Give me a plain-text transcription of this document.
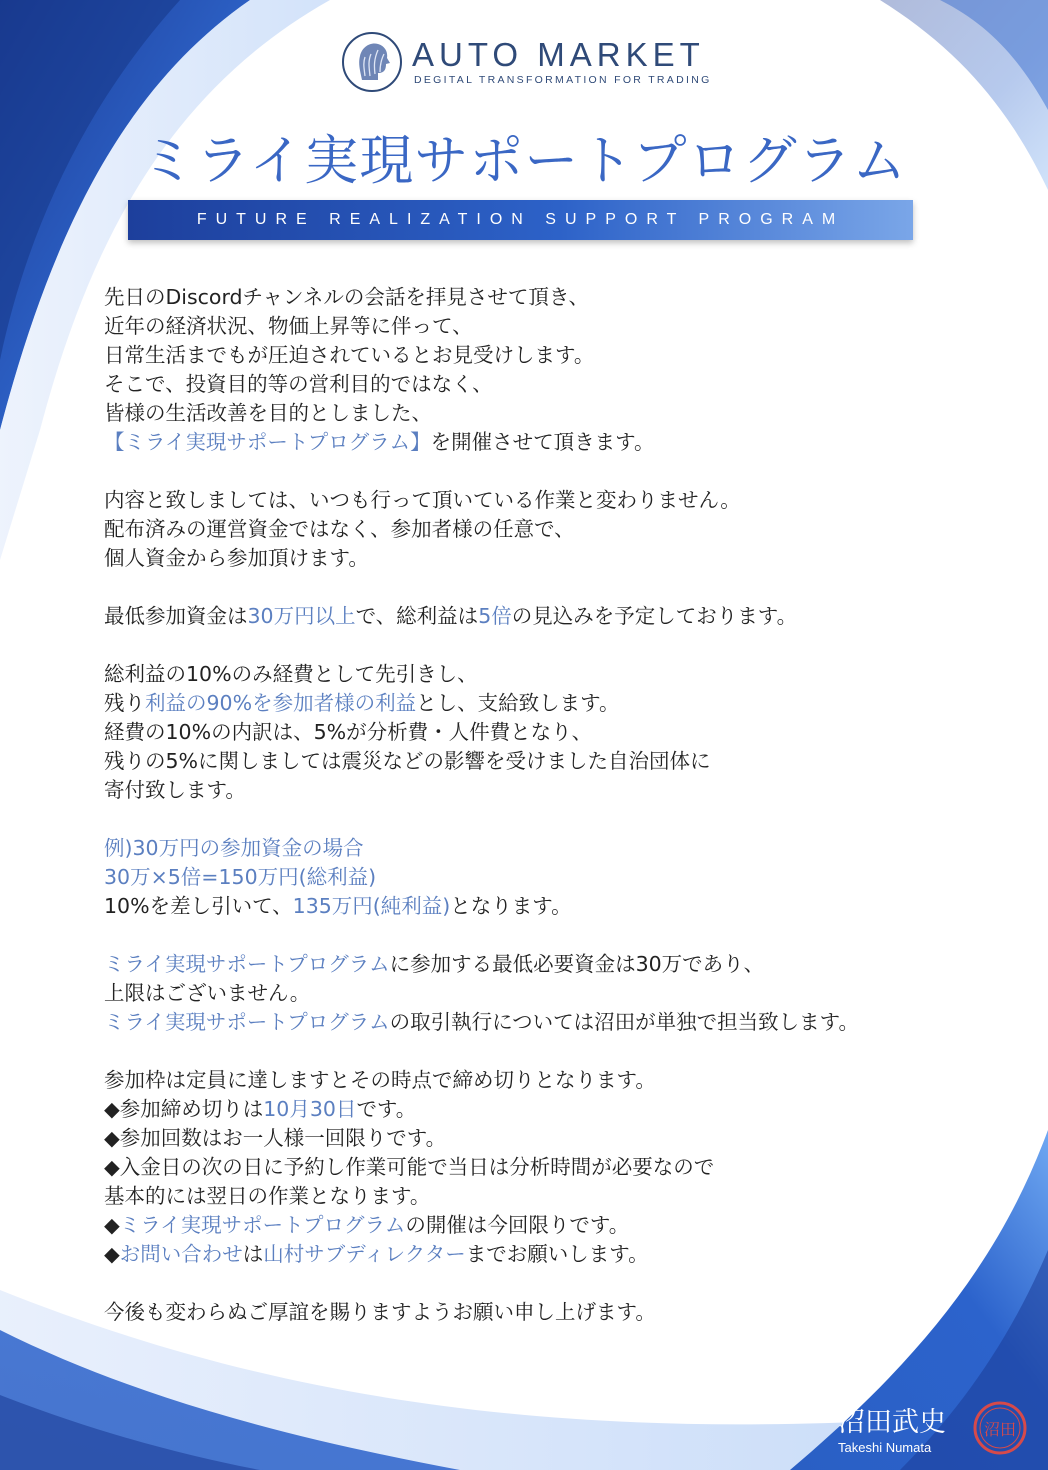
AUTO MARKET
DEGITAL TRANSFORMATION FOR TRADING
ミライ実現サポートプログラム
FUTURE REALIZATION SUPPORT PROGRAM
先日のDiscordチャンネルの会話を拝見させて頂き、
近年の経済状況、物価上昇等に伴って、
日常生活までもが圧迫されているとお見受けします。
そこで、投資目的等の営利目的ではなく、
皆様の生活改善を目的としました、
【ミライ実現サポートプログラム】を開催させて頂きます。
内容と致しましては、いつも行って頂いている作業と変わりません。
配布済みの運営資金ではなく、参加者様の任意で、
個人資金から参加頂けます。
最低参加資金は30万円以上で、総利益は5倍の見込みを予定しております。
総利益の10%のみ経費として先引きし、
残り利益の90%を参加者様の利益とし、支給致します。
経費の10%の内訳は、5%が分析費・人件費となり、
残りの5%に関しましては震災などの影響を受けました自治団体に
寄付致します。
例)30万円の参加資金の場合
30万×5倍=150万円(総利益)
10%を差し引いて、135万円(純利益)となります。
ミライ実現サポートプログラムに参加する最低必要資金は30万であり、
上限はございません。
ミライ実現サポートプログラムの取引執行については沼田が単独で担当致します。
参加枠は定員に達しますとその時点で締め切りとなります。
◆参加締め切りは10月30日です。
◆参加回数はお一人様一回限りです。
◆入金日の次の日に予約し作業可能で当日は分析時間が必要なので
基本的には翌日の作業となります。
◆ミライ実現サポートプログラムの開催は今回限りです。
◆お問い合わせは山村サブディレクターまでお願いします。
今後も変わらぬご厚誼を賜りますようお願い申し上げます。
沼田武史
Takeshi Numata
沼田
